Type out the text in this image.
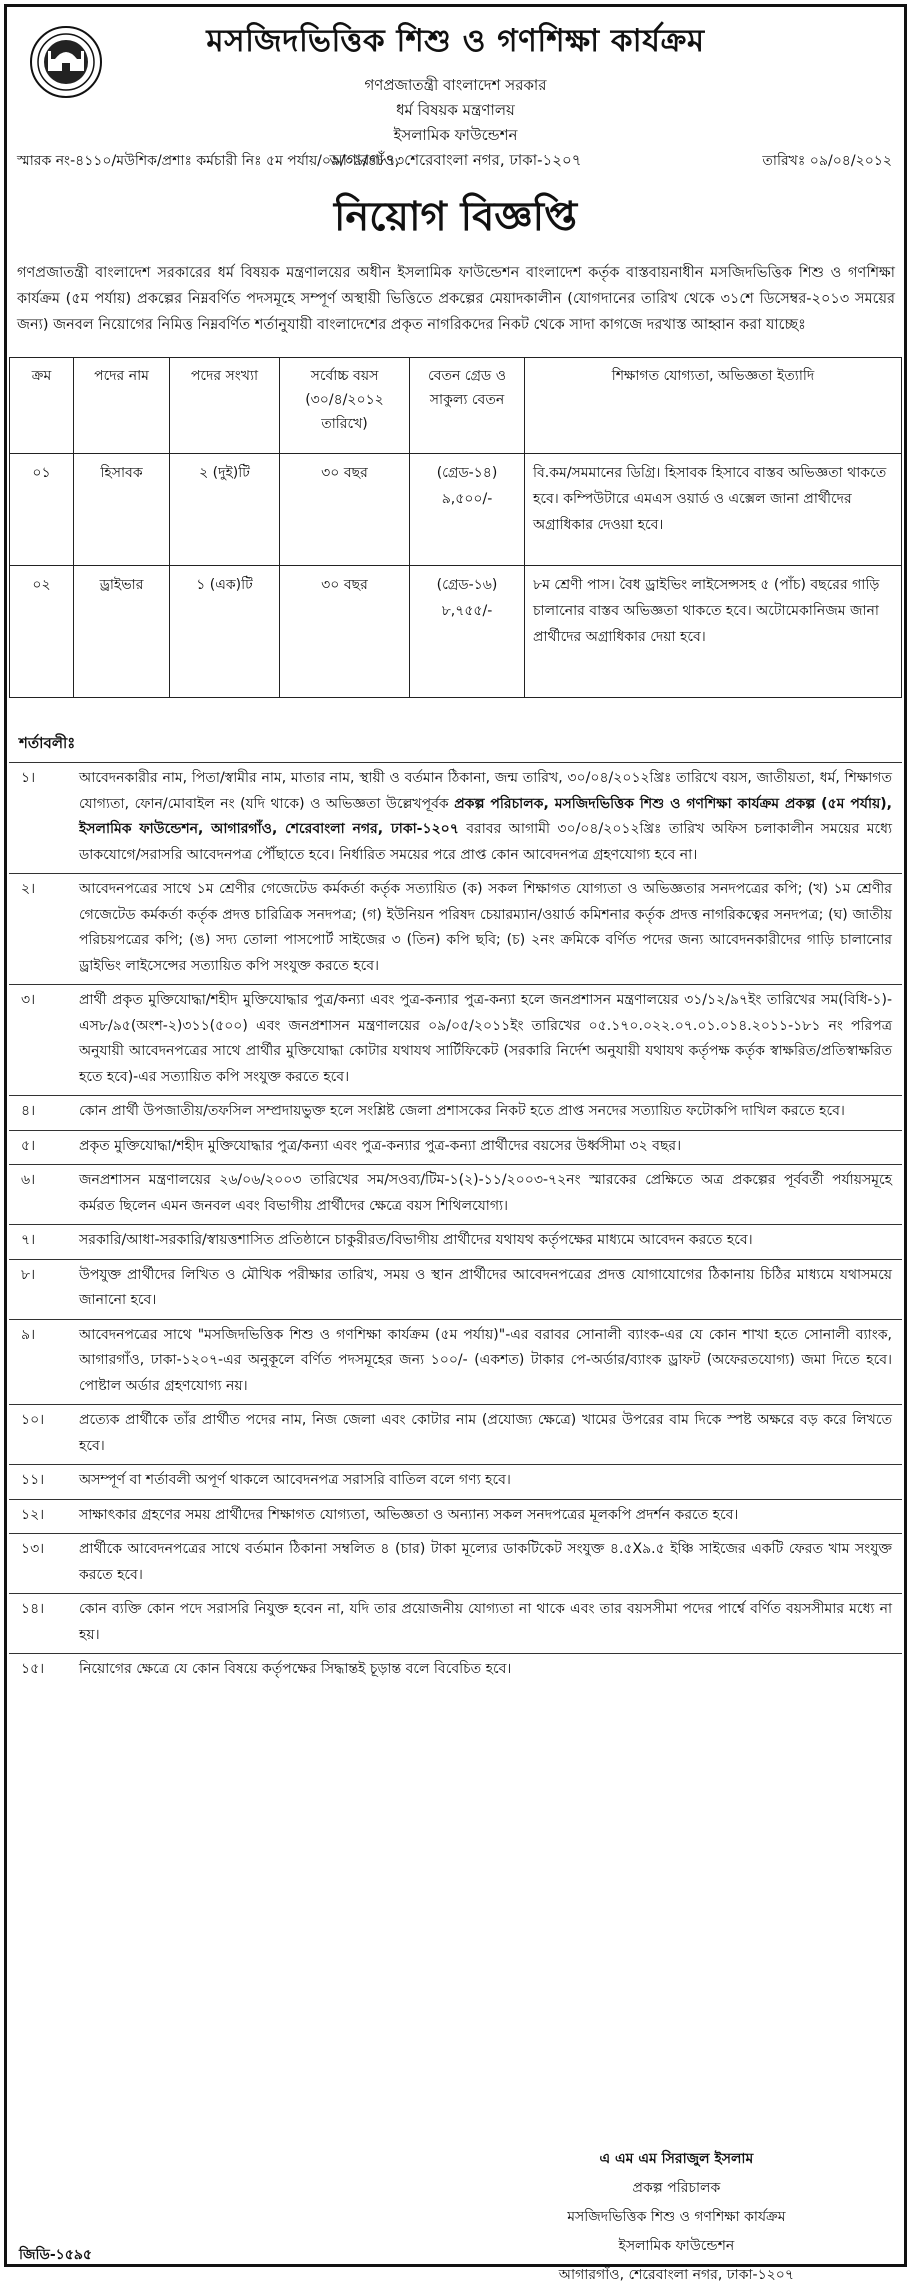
মসজিদভিত্তিক শিশু ও গণশিক্ষা কার্যক্রম
গণপ্রজাতন্ত্রী বাংলাদেশ সরকার
ধর্ম বিষয়ক মন্ত্রণালয়
ইসলামিক ফাউন্ডেশন
আগারগাঁও, শেরেবাংলা নগর, ঢাকা-১২০৭
স্মারক নং-৪১১০/মউশিক/প্রশাঃ কর্মচারী নিঃ ৫ম পর্যায়/০৯/০৯/৪৮৭৩	তারিখঃ ০৯/০৪/২০১২
নিয়োগ বিজ্ঞপ্তি
গণপ্রজাতন্ত্রী বাংলাদেশ সরকারের ধর্ম বিষয়ক মন্ত্রণালয়ের অধীন ইসলামিক ফাউন্ডেশন বাংলাদেশ কর্তৃক বাস্তবায়নাধীন মসজিদভিত্তিক শিশু ও গণশিক্ষা কার্যক্রম (৫ম পর্যায়) প্রকল্পের নিম্নবর্ণিত পদসমূহে সম্পূর্ণ অস্থায়ী ভিত্তিতে প্রকল্পের মেয়াদকালীন (যোগদানের তারিখ থেকে ৩১শে ডিসেম্বর-২০১৩ সময়ের জন্য) জনবল নিয়োগের নিমিত্ত নিম্নবর্ণিত শর্তানুযায়ী বাংলাদেশের প্রকৃত নাগরিকদের নিকট থেকে সাদা কাগজে দরখাস্ত আহ্বান করা যাচ্ছেঃ
ক্রম	পদের নাম	পদের সংখ্যা	সর্বোচ্চ বয়স (৩০/৪/২০১২ তারিখে)	বেতন গ্রেড ও সাকুল্য বেতন	শিক্ষাগত যোগ্যতা, অভিজ্ঞতা ইত্যাদি
০১	হিসাবক	২ (দুই)টি	৩০ বছর	(গ্রেড-১৪) ৯,৫০০/-	বি.কম/সমমানের ডিগ্রি। হিসাবক হিসাবে বাস্তব অভিজ্ঞতা থাকতে হবে। কম্পিউটারে এমএস ওয়ার্ড ও এক্সেল জানা প্রার্থীদের অগ্রাধিকার দেওয়া হবে।
০২	ড্রাইভার	১ (এক)টি	৩০ বছর	(গ্রেড-১৬) ৮,৭৫৫/-	৮ম শ্রেণী পাস। বৈধ ড্রাইভিং লাইসেন্সসহ ৫ (পাঁচ) বছরের গাড়ি চালানোর বাস্তব অভিজ্ঞতা থাকতে হবে। অটোমেকানিজম জানা প্রার্থীদের অগ্রাধিকার দেয়া হবে।
শর্তাবলীঃ
১।	আবেদনকারীর নাম, পিতা/স্বামীর নাম, মাতার নাম, স্থায়ী ও বর্তমান ঠিকানা, জন্ম তারিখ, ৩০/০৪/২০১২খ্রিঃ তারিখে বয়স, জাতীয়তা, ধর্ম, শিক্ষাগত যোগ্যতা, ফোন/মোবাইল নং (যদি থাকে) ও অভিজ্ঞতা উল্লেখপূর্বক প্রকল্প পরিচালক, মসজিদভিত্তিক শিশু ও গণশিক্ষা কার্যক্রম প্রকল্প (৫ম পর্যায়), ইসলামিক ফাউন্ডেশন, আগারগাঁও, শেরেবাংলা নগর, ঢাকা-১২০৭ বরাবর আগামী ৩০/০৪/২০১২খ্রিঃ তারিখ অফিস চলাকালীন সময়ের মধ্যে ডাকযোগে/সরাসরি আবেদনপত্র পৌঁছাতে হবে। নির্ধারিত সময়ের পরে প্রাপ্ত কোন আবেদনপত্র গ্রহণযোগ্য হবে না।
২।	আবেদনপত্রের সাথে ১ম শ্রেণীর গেজেটেড কর্মকর্তা কর্তৃক সত্যায়িত (ক) সকল শিক্ষাগত যোগ্যতা ও অভিজ্ঞতার সনদপত্রের কপি; (খ) ১ম শ্রেণীর গেজেটেড কর্মকর্তা কর্তৃক প্রদত্ত চারিত্রিক সনদপত্র; (গ) ইউনিয়ন পরিষদ চেয়ারম্যান/ওয়ার্ড কমিশনার কর্তৃক প্রদত্ত নাগরিকত্বের সনদপত্র; (ঘ) জাতীয় পরিচয়পত্রের কপি; (ঙ) সদ্য তোলা পাসপোর্ট সাইজের ৩ (তিন) কপি ছবি; (চ) ২নং ক্রমিকে বর্ণিত পদের জন্য আবেদনকারীদের গাড়ি চালানোর ড্রাইভিং লাইসেন্সের সত্যায়িত কপি সংযুক্ত করতে হবে।
৩।	প্রার্থী প্রকৃত মুক্তিযোদ্ধা/শহীদ মুক্তিযোদ্ধার পুত্র/কন্যা এবং পুত্র-কন্যার পুত্র-কন্যা হলে জনপ্রশাসন মন্ত্রণালয়ের ৩১/১২/৯৭ইং তারিখের সম(বিধি-১)-এস৮/৯৫(অংশ-২)৩১১(৫০০) এবং জনপ্রশাসন মন্ত্রণালয়ের ০৯/০৫/২০১১ইং তারিখের ০৫.১৭০.০২২.০৭.০১.০১৪.২০১১-১৮১ নং পরিপত্র অনুযায়ী আবেদনপত্রের সাথে প্রার্থীর মুক্তিযোদ্ধা কোটার যথাযথ সার্টিফিকেট (সরকারি নির্দেশ অনুযায়ী যথাযথ কর্তৃপক্ষ কর্তৃক স্বাক্ষরিত/প্রতিস্বাক্ষরিত হতে হবে)-এর সত্যায়িত কপি সংযুক্ত করতে হবে।
৪।	কোন প্রার্থী উপজাতীয়/তফসিল সম্প্রদায়ভুক্ত হলে সংশ্লিষ্ট জেলা প্রশাসকের নিকট হতে প্রাপ্ত সনদের সত্যায়িত ফটোকপি দাখিল করতে হবে।
৫।	প্রকৃত মুক্তিযোদ্ধা/শহীদ মুক্তিযোদ্ধার পুত্র/কন্যা এবং পুত্র-কন্যার পুত্র-কন্যা প্রার্থীদের বয়সের উর্ধ্বসীমা ৩২ বছর।
৬।	জনপ্রশাসন মন্ত্রণালয়ের ২৬/০৬/২০০৩ তারিখের সম/সওব্য/টিম-১(২)-১১/২০০৩-৭২নং স্মারকের প্রেক্ষিতে অত্র প্রকল্পের পূর্ববর্তী পর্যায়সমূহে কর্মরত ছিলেন এমন জনবল এবং বিভাগীয় প্রার্থীদের ক্ষেত্রে বয়স শিথিলযোগ্য।
৭।	সরকারি/আধা-সরকারি/স্বায়ত্তশাসিত প্রতিষ্ঠানে চাকুরীরত/বিভাগীয় প্রার্থীদের যথাযথ কর্তৃপক্ষের মাধ্যমে আবেদন করতে হবে।
৮।	উপযুক্ত প্রার্থীদের লিখিত ও মৌখিক পরীক্ষার তারিখ, সময় ও স্থান প্রার্থীদের আবেদনপত্রের প্রদত্ত যোগাযোগের ঠিকানায় চিঠির মাধ্যমে যথাসময়ে জানানো হবে।
৯।	আবেদনপত্রের সাথে "মসজিদভিত্তিক শিশু ও গণশিক্ষা কার্যক্রম (৫ম পর্যায়)"-এর বরাবর সোনালী ব্যাংক-এর যে কোন শাখা হতে সোনালী ব্যাংক, আগারগাঁও, ঢাকা-১২০৭-এর অনুকূলে বর্ণিত পদসমূহের জন্য ১০০/- (একশত) টাকার পে-অর্ডার/ব্যাংক ড্রাফট (অফেরতযোগ্য) জমা দিতে হবে। পোষ্টাল অর্ডার গ্রহণযোগ্য নয়।
১০।	প্রত্যেক প্রার্থীকে তাঁর প্রার্থীত পদের নাম, নিজ জেলা এবং কোটার নাম (প্রযোজ্য ক্ষেত্রে) খামের উপরের বাম দিকে স্পষ্ট অক্ষরে বড় করে লিখতে হবে।
১১।	অসম্পূর্ণ বা শর্তাবলী অপূর্ণ থাকলে আবেদনপত্র সরাসরি বাতিল বলে গণ্য হবে।
১২।	সাক্ষাৎকার গ্রহণের সময় প্রার্থীদের শিক্ষাগত যোগ্যতা, অভিজ্ঞতা ও অন্যান্য সকল সনদপত্রের মূলকপি প্রদর্শন করতে হবে।
১৩।	প্রার্থীকে আবেদনপত্রের সাথে বর্তমান ঠিকানা সম্বলিত ৪ (চার) টাকা মূল্যের ডাকটিকেট সংযুক্ত ৪.৫X৯.৫ ইঞ্চি সাইজের একটি ফেরত খাম সংযুক্ত করতে হবে।
১৪।	কোন ব্যক্তি কোন পদে সরাসরি নিযুক্ত হবেন না, যদি তার প্রয়োজনীয় যোগ্যতা না থাকে এবং তার বয়সসীমা পদের পার্শ্বে বর্ণিত বয়সসীমার মধ্যে না হয়।
১৫।	নিয়োগের ক্ষেত্রে যে কোন বিষয়ে কর্তৃপক্ষের সিদ্ধান্তই চূড়ান্ত বলে বিবেচিত হবে।
এ এম এম সিরাজুল ইসলাম
প্রকল্প পরিচালক
মসজিদভিত্তিক শিশু ও গণশিক্ষা কার্যক্রম
ইসলামিক ফাউন্ডেশন
আগারগাঁও, শেরেবাংলা নগর, ঢাকা-১২০৭
জিডি-১৫৯৫
